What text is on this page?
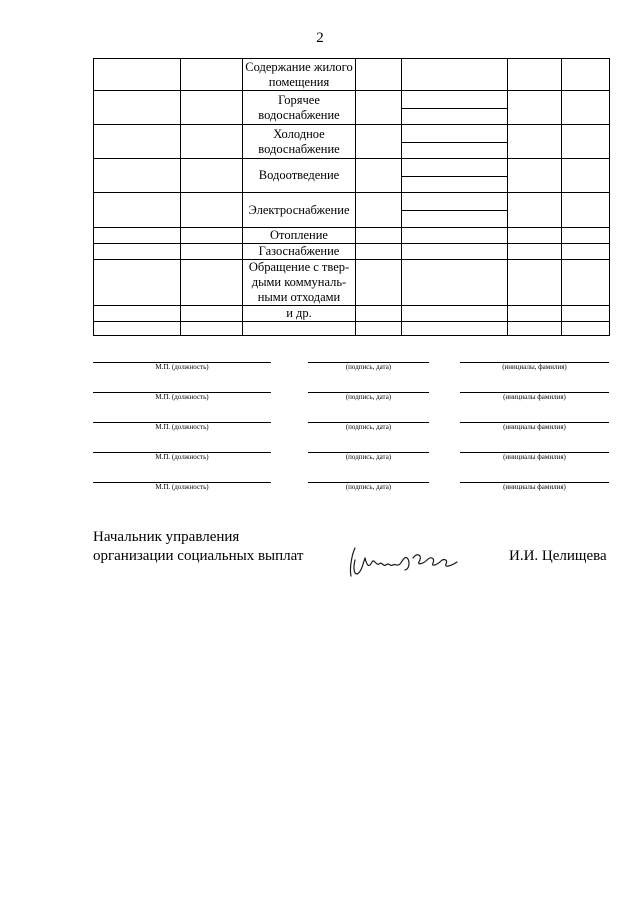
2
		Содержание жилого помещения				
		Горячее водоснабжение		

		Холодное водоснабжение		

		Водоотведение		

		Электроснабжение		

		Отопление				
		Газоснабжение				
		Обращение с твер-дыми коммуналь-ными отходами				
		и др.				

М.П. (должность)	(подпись, дата)	(инициалы, фамилия)
М.П. (должность)	(подпись, дата)	(инициалы фамилия)
М.П. (должность)	(подпись, дата)	(инициалы фамилия)
М.П. (должность)	(подпись, дата)	(инициалы фамилия)
М.П. (должность)	(подпись, дата)	(инициалы фамилия)
Начальник управления
организации социальных выплат	И.И. Целищева
